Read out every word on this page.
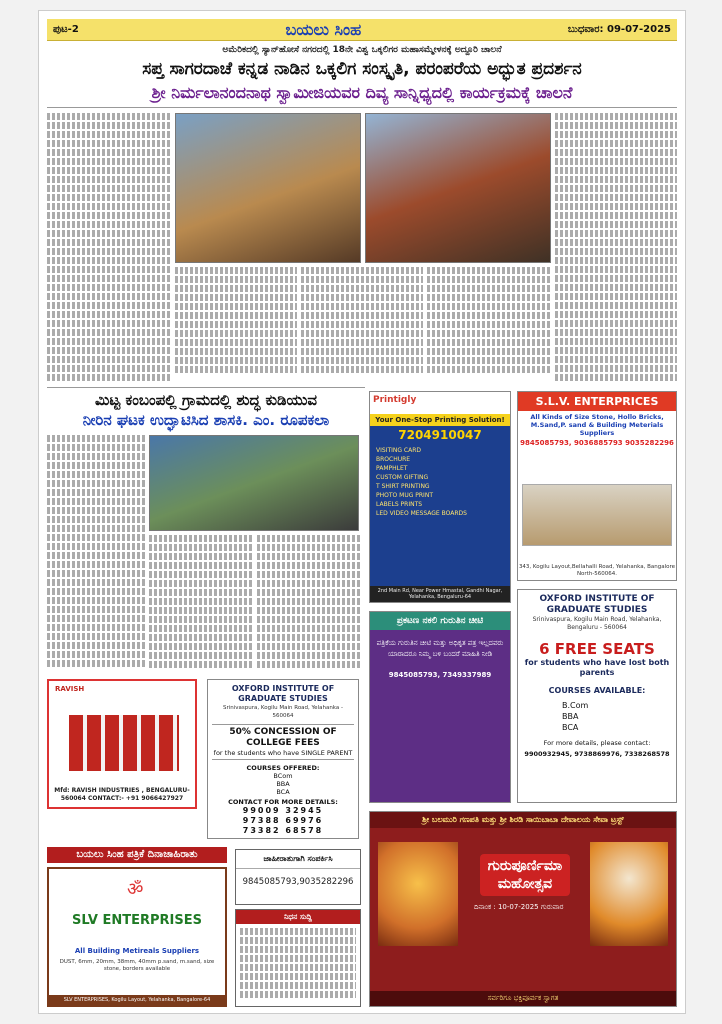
ಪುಟ-2	ಬಯಲು ಸಿಂಹ	ಬುಧವಾರ: 09-07-2025
ಅಮೆರಿಕದಲ್ಲಿ ಸ್ಯಾನ್‌ಹೋಸೆ ನಗರದಲ್ಲಿ 18ನೇ ವಿಶ್ವ ಒಕ್ಕಲಿಗರ ಮಹಾಸಮ್ಮೇಳನಕ್ಕೆ ಅದ್ದೂರಿ ಚಾಲನೆ
ಸಪ್ತ ಸಾಗರದಾಚೆ ಕನ್ನಡ ನಾಡಿನ ಒಕ್ಕಲಿಗ ಸಂಸ್ಕೃತಿ, ಪರಂಪರೆಯ ಅದ್ಭುತ ಪ್ರದರ್ಶನ
ಶ್ರೀ ನಿರ್ಮಲಾನಂದನಾಥ ಸ್ವಾಮೀಜಿಯವರ ದಿವ್ಯ ಸಾನ್ನಿಧ್ಯದಲ್ಲಿ ಕಾರ್ಯಕ್ರಮಕ್ಕೆ ಚಾಲನೆ
ಮಿಟ್ಟ ಕಂಬಂಪಲ್ಲಿ ಗ್ರಾಮದಲ್ಲಿ ಶುದ್ಧ ಕುಡಿಯುವ
ನೀರಿನ ಘಟಕ ಉದ್ಘಾಟಿಸಿದ ಶಾಸಕಿ. ಎಂ. ರೂಪಕಲಾ
Printigly
Your One-Stop Printing Solution!
7204910047
VISITING CARD
BROCHURE
PAMPHLET
CUSTOM GIFTING
T SHIRT PRINTING
PHOTO MUG PRINT
LABELS PRINTS
LED VIDEO MESSAGE BOARDS
2nd Main Rd, Near Power Hmastal, Gandhi Nagar, Yelahanka, Bengaluru-64
S.L.V. ENTERPRICES
All Kinds of Size Stone, Hollo Bricks, M.Sand,P. sand & Building Meterials Suppliers
9845085793, 9036885793 9035282296
343, Kogilu Layout,Bellahalli Road, Yelahanka, Bangalore North-560064.
ಪ್ರಕಟಣ ನಕಲಿ ಗುರುತಿನ ಚೀಟಿ
ಪತ್ರಿಕೆಯ ಗುರುತಿನ ಚೀಟಿ ಮತ್ತು ಅಧಿಕೃತ ಪತ್ರ ಇಲ್ಲದವರು ಯಾರಾದರೂ ನಿಮ್ಮ ಬಳಿ ಬಂದರೆ ಮಾಹಿತಿ ನೀಡಿ
9845085793, 7349337989
OXFORD INSTITUTE OF GRADUATE STUDIES
Srinivaspura, Kogilu Main Road, Yelahanka, Bengaluru - 560064
6 FREE SEATS
for students who have lost both parents
COURSES AVAILABLE:
B.Com
BBA
BCA
For more details, please contact:
9900932945, 9738869976, 7338268578
RAVISH
Mfd: RAVISH INDUSTRIES , BENGALURU-560064 CONTACT:- +91 9066427927
OXFORD INSTITUTE OF GRADUATE STUDIES
Srinivaspura, Kogilu Main Road, Yelahanka - 560064
50% CONCESSION OF COLLEGE FEES
for the students who have SINGLE PARENT
COURSES OFFERED:
BCom
BBA
BCA
CONTACT FOR MORE DETAILS:
99009 32945
97388 69976
73382 68578
ಶ್ರೀ ಬಲಮುರಿ ಗಣಪತಿ ಮತ್ತು ಶ್ರೀ ಶಿರಡಿ ಸಾಯಿಬಾಬಾ ದೇವಾಲಯ ಸೇವಾ ಟ್ರಸ್ಟ್
ಗುರುಪೂರ್ಣಿಮಾ ಮಹೋತ್ಸವ
ದಿನಾಂಕ : 10-07-2025 ಗುರುವಾರ
ಸರ್ವರಿಗೂ ಭಕ್ತಿಪೂರ್ವಕ ಸ್ವಾಗತ
ಬಯಲು ಸಿಂಹ ಪತ್ರಿಕೆ ದಿನಾಜಾಹಿರಾತು
ॐ
SLV ENTERPRISES
All Building Metireals Suppliers
DUST, 6mm, 20mm, 38mm, 40mm p.sand, m.sand, size stone, borders available
SLV ENTERPRISES, Kogilu Layout, Yelahanka, Bangalore-64
ಜಾಹೀರಾತುಗಾಗಿ ಸಂಪರ್ಕಿಸಿ
9845085793,9035282296
ನಿಧನ ಸುದ್ದಿ
